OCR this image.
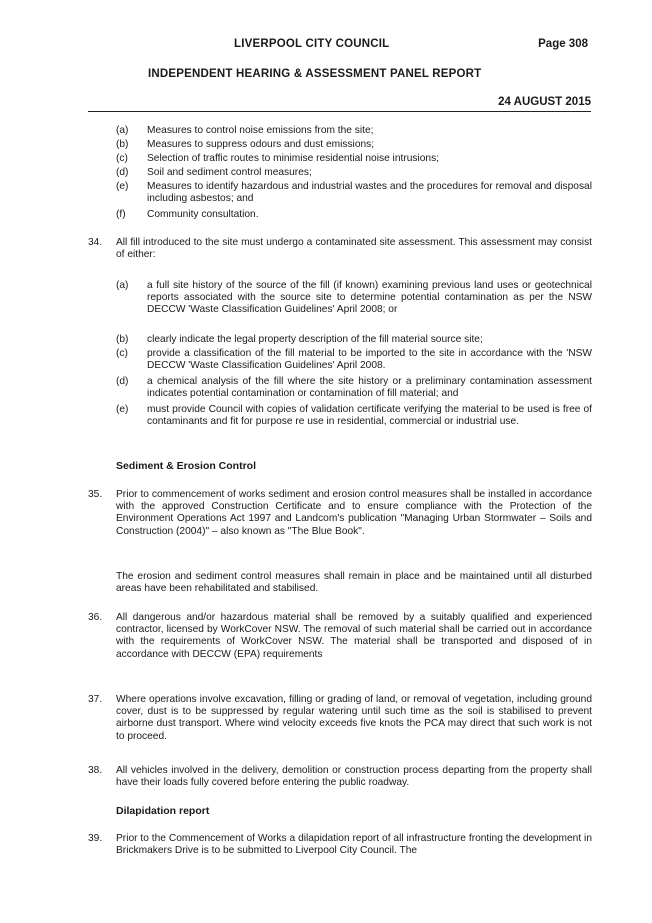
LIVERPOOL CITY COUNCIL	Page 308
INDEPENDENT HEARING & ASSESSMENT PANEL REPORT
24 AUGUST 2015
(a) Measures to control noise emissions from the site;
(b) Measures to suppress odours and dust emissions;
(c) Selection of traffic routes to minimise residential noise intrusions;
(d) Soil and sediment control measures;
(e) Measures to identify hazardous and industrial wastes and the procedures for removal and disposal including asbestos; and
(f) Community consultation.
34. All fill introduced to the site must undergo a contaminated site assessment. This assessment may consist of either:
(a) a full site history of the source of the fill (if known) examining previous land uses or geotechnical reports associated with the source site to determine potential contamination as per the NSW DECCW 'Waste Classification Guidelines' April 2008; or
(b) clearly indicate the legal property description of the fill material source site;
(c) provide a classification of the fill material to be imported to the site in accordance with the 'NSW DECCW 'Waste Classification Guidelines' April 2008.
(d) a chemical analysis of the fill where the site history or a preliminary contamination assessment indicates potential contamination or contamination of fill material; and
(e) must provide Council with copies of validation certificate verifying the material to be used is free of contaminants and fit for purpose re use in residential, commercial or industrial use.
Sediment & Erosion Control
35. Prior to commencement of works sediment and erosion control measures shall be installed in accordance with the approved Construction Certificate and to ensure compliance with the Protection of the Environment Operations Act 1997 and Landcom's publication "Managing Urban Stormwater – Soils and Construction (2004)" – also known as "The Blue Book".
The erosion and sediment control measures shall remain in place and be maintained until all disturbed areas have been rehabilitated and stabilised.
36. All dangerous and/or hazardous material shall be removed by a suitably qualified and experienced contractor, licensed by WorkCover NSW. The removal of such material shall be carried out in accordance with the requirements of WorkCover NSW. The material shall be transported and disposed of in accordance with DECCW (EPA) requirements
37. Where operations involve excavation, filling or grading of land, or removal of vegetation, including ground cover, dust is to be suppressed by regular watering until such time as the soil is stabilised to prevent airborne dust transport. Where wind velocity exceeds five knots the PCA may direct that such work is not to proceed.
38. All vehicles involved in the delivery, demolition or construction process departing from the property shall have their loads fully covered before entering the public roadway.
Dilapidation report
39. Prior to the Commencement of Works a dilapidation report of all infrastructure fronting the development in Brickmakers Drive is to be submitted to Liverpool City Council. The
